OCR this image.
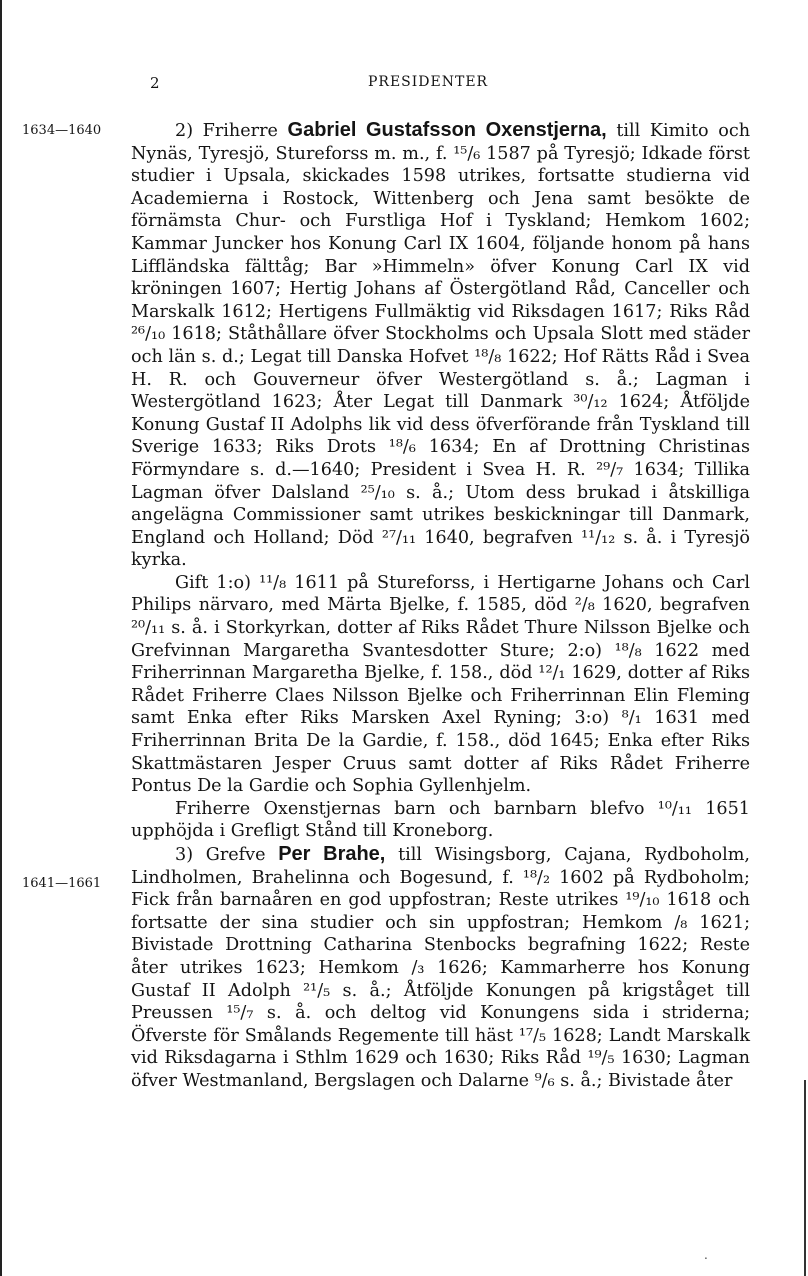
2	PRESIDENTER
1634—1640
1641—1661

2) Friherre Gabriel Gustafsson Oxenstjerna, till Kimito och Nynäs, Tyresjö, Stureforss m. m., f. ¹⁵/₆ 1587 på Tyresjö; Idkade först studier i Upsala, skickades 1598 utrikes, fortsatte studierna vid Academierna i Rostock, Wittenberg och Jena samt besökte de förnämsta Chur- och Furstliga Hof i Tyskland; Hemkom 1602; Kammar Juncker hos Konung Carl IX 1604, följande honom på hans Liffländska fälttåg; Bar »Himmeln» öfver Konung Carl IX vid kröningen 1607; Hertig Johans af Östergötland Råd, Canceller och Marskalk 1612; Hertigens Fullmäktig vid Riksdagen 1617; Riks Råd ²⁶/₁₀ 1618; Ståthållare öfver Stockholms och Upsala Slott med städer och län s. d.; Legat till Danska Hofvet ¹⁸/₈ 1622; Hof Rätts Råd i Svea H. R. och Gouverneur öfver Westergötland s. å.; Lagman i Westergötland 1623; Åter Legat till Danmark ³⁰/₁₂ 1624; Åtföljde Konung Gustaf II Adolphs lik vid dess öfverförande från Tyskland till Sverige 1633; Riks Drots ¹⁸/₆ 1634; En af Drottning Christinas Förmyndare s. d.—1640; President i Svea H. R. ²⁹/₇ 1634; Tillika Lagman öfver Dalsland ²⁵/₁₀ s. å.; Utom dess brukad i åtskilliga angelägna Commissioner samt utrikes beskickningar till Danmark, England och Holland; Död ²⁷/₁₁ 1640, begrafven ¹¹/₁₂ s. å. i Tyresjö kyrka.

Gift 1:o) ¹¹/₈ 1611 på Stureforss, i Hertigarne Johans och Carl Philips närvaro, med Märta Bjelke, f. 1585, död ²/₈ 1620, begrafven ²⁰/₁₁ s. å. i Storkyrkan, dotter af Riks Rådet Thure Nilsson Bjelke och Grefvinnan Margaretha Svantesdotter Sture; 2:o) ¹⁸/₈ 1622 med Friherrinnan Margaretha Bjelke, f. 158., död ¹²/₁ 1629, dotter af Riks Rådet Friherre Claes Nilsson Bjelke och Friherrinnan Elin Fleming samt Enka efter Riks Marsken Axel Ryning; 3:o) ⁸/₁ 1631 med Friherrinnan Brita De la Gardie, f. 158., död 1645; Enka efter Riks Skattmästaren Jesper Cruus samt dotter af Riks Rådet Friherre Pontus De la Gardie och Sophia Gyllenhjelm.

Friherre Oxenstjernas barn och barnbarn blefvo ¹⁰/₁₁ 1651 upphöjda i Grefligt Stånd till Kroneborg.

3) Grefve Per Brahe, till Wisingsborg, Cajana, Rydboholm, Lindholmen, Brahelinna och Bogesund, f. ¹⁸/₂ 1602 på Rydboholm; Fick från barnaåren en god uppfostran; Reste utrikes ¹⁹/₁₀ 1618 och fortsatte der sina studier och sin uppfostran; Hemkom /₈ 1621; Bivistade Drottning Catharina Stenbocks begrafning 1622; Reste åter utrikes 1623; Hemkom /₃ 1626; Kammarherre hos Konung Gustaf II Adolph ²¹/₅ s. å.; Åtföljde Konungen på krigståget till Preussen ¹⁵/₇ s. å. och deltog vid Konungens sida i striderna; Öfverste för Smålands Regemente till häst ¹⁷/₅ 1628; Landt Marskalk vid Riksdagarna i Sthlm 1629 och 1630; Riks Råd ¹⁹/₅ 1630; Lagman öfver Westmanland, Bergslagen och Dalarne ⁹/₆ s. å.; Bivistade åter

.
